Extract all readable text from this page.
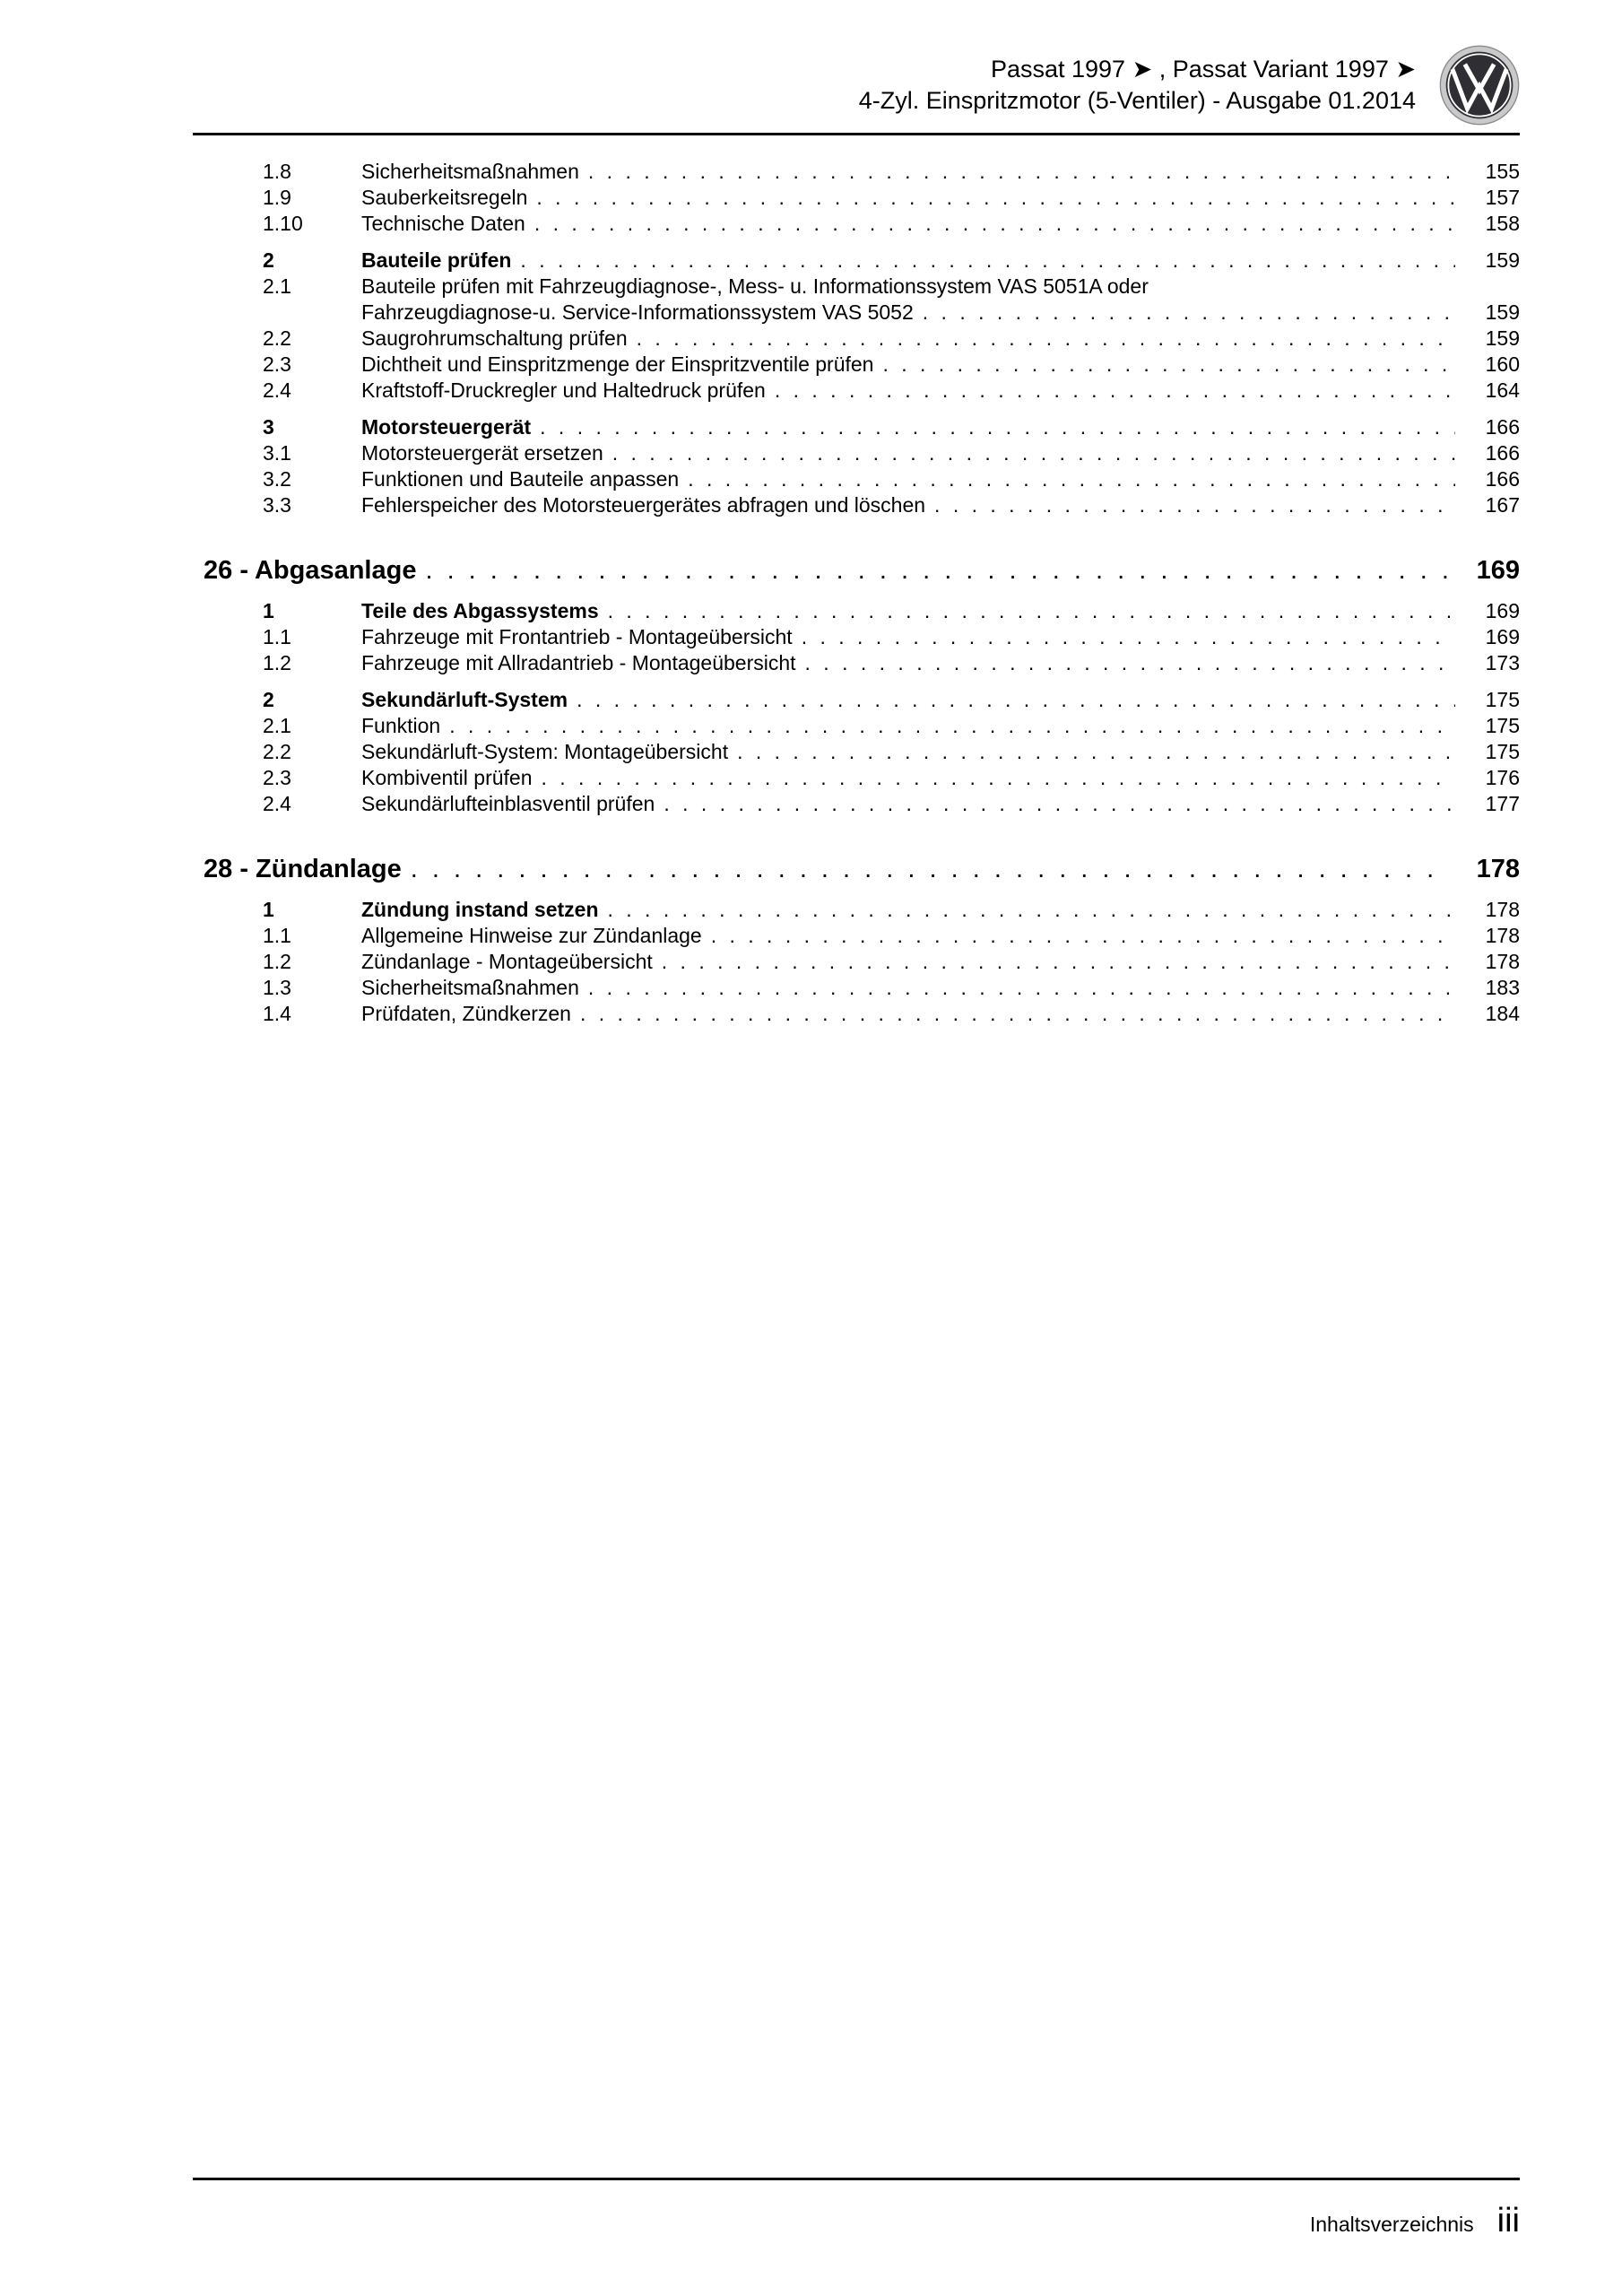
Passat 1997 ➤ , Passat Variant 1997 ➤
4-Zyl. Einspritzmotor (5-Ventiler) - Ausgabe 01.2014
1.8	Sicherheitsmaßnahmen . . .	155
1.9	Sauberkeitsregeln . . .	157
1.10	Technische Daten . . .	158
2	Bauteile prüfen . . .	159
2.1	Bauteile prüfen mit Fahrzeugdiagnose-, Mess- u. Informationssystem VAS 5051A oder
Fahrzeugdiagnose-u. Service-Informationssystem VAS 5052 . . .	159
2.2	Saugrohrumschaltung prüfen . . .	159
2.3	Dichtheit und Einspritzmenge der Einspritzventile prüfen . . .	160
2.4	Kraftstoff-Druckregler und Haltedruck prüfen . . .	164
3	Motorsteuergerät . . .	166
3.1	Motorsteuergerät ersetzen . . .	166
3.2	Funktionen und Bauteile anpassen . . .	166
3.3	Fehlerspeicher des Motorsteuergerätes abfragen und löschen . . .	167
26 - Abgasanlage . . .	169
1	Teile des Abgassystems . . .	169
1.1	Fahrzeuge mit Frontantrieb - Montageübersicht . . .	169
1.2	Fahrzeuge mit Allradantrieb - Montageübersicht . . .	173
2	Sekundärluft-System . . .	175
2.1	Funktion . . .	175
2.2	Sekundärluft-System: Montageübersicht . . .	175
2.3	Kombiventil prüfen . . .	176
2.4	Sekundärlufteinblasventil prüfen . . .	177
28 - Zündanlage . . .	178
1	Zündung instand setzen . . .	178
1.1	Allgemeine Hinweise zur Zündanlage . . .	178
1.2	Zündanlage - Montageübersicht . . .	178
1.3	Sicherheitsmaßnahmen . . .	183
1.4	Prüfdaten, Zündkerzen . . .	184
Inhaltsverzeichnis iii
